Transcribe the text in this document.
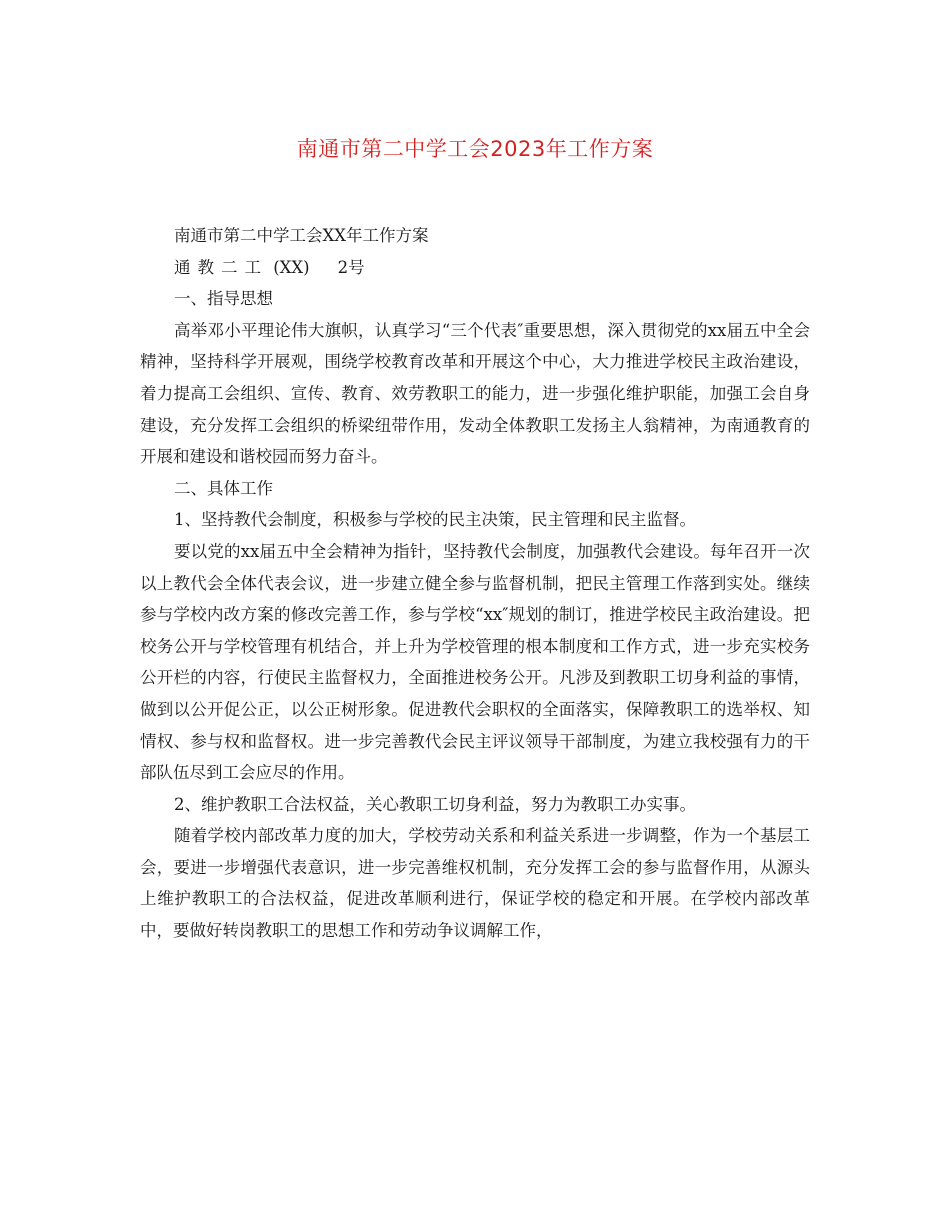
南通市第二中学工会2023年工作方案

南通市第二中学工会XX年工作方案

通教二工 (XX) 2号

一、指导思想

高举邓小平理论伟大旗帜，认真学习“三个代表″重要思想，深入贯彻党的xx届五中全会精神，坚持科学开展观，围绕学校教育改革和开展这个中心，大力推进学校民主政治建设，着力提高工会组织、宣传、教育、效劳教职工的能力，进一步强化维护职能，加强工会自身建设，充分发挥工会组织的桥梁纽带作用，发动全体教职工发扬主人翁精神，为南通教育的开展和建设和谐校园而努力奋斗。

二、具体工作

1、坚持教代会制度，积极参与学校的民主决策，民主管理和民主监督。

要以党的xx届五中全会精神为指针，坚持教代会制度，加强教代会建设。每年召开一次以上教代会全体代表会议，进一步建立健全参与监督机制，把民主管理工作落到实处。继续参与学校内改方案的修改完善工作，参与学校“xx″规划的制订，推进学校民主政治建设。把校务公开与学校管理有机结合，并上升为学校管理的根本制度和工作方式，进一步充实校务公开栏的内容，行使民主监督权力，全面推进校务公开。凡涉及到教职工切身利益的事情，做到以公开促公正，以公正树形象。促进教代会职权的全面落实，保障教职工的选举权、知情权、参与权和监督权。进一步完善教代会民主评议领导干部制度，为建立我校强有力的干部队伍尽到工会应尽的作用。

2、维护教职工合法权益，关心教职工切身利益，努力为教职工办实事。

随着学校内部改革力度的加大，学校劳动关系和利益关系进一步调整，作为一个基层工会，要进一步增强代表意识，进一步完善维权机制，充分发挥工会的参与监督作用，从源头上维护教职工的合法权益，促进改革顺利进行，保证学校的稳定和开展。在学校内部改革中，要做好转岗教职工的思想工作和劳动争议调解工作，
